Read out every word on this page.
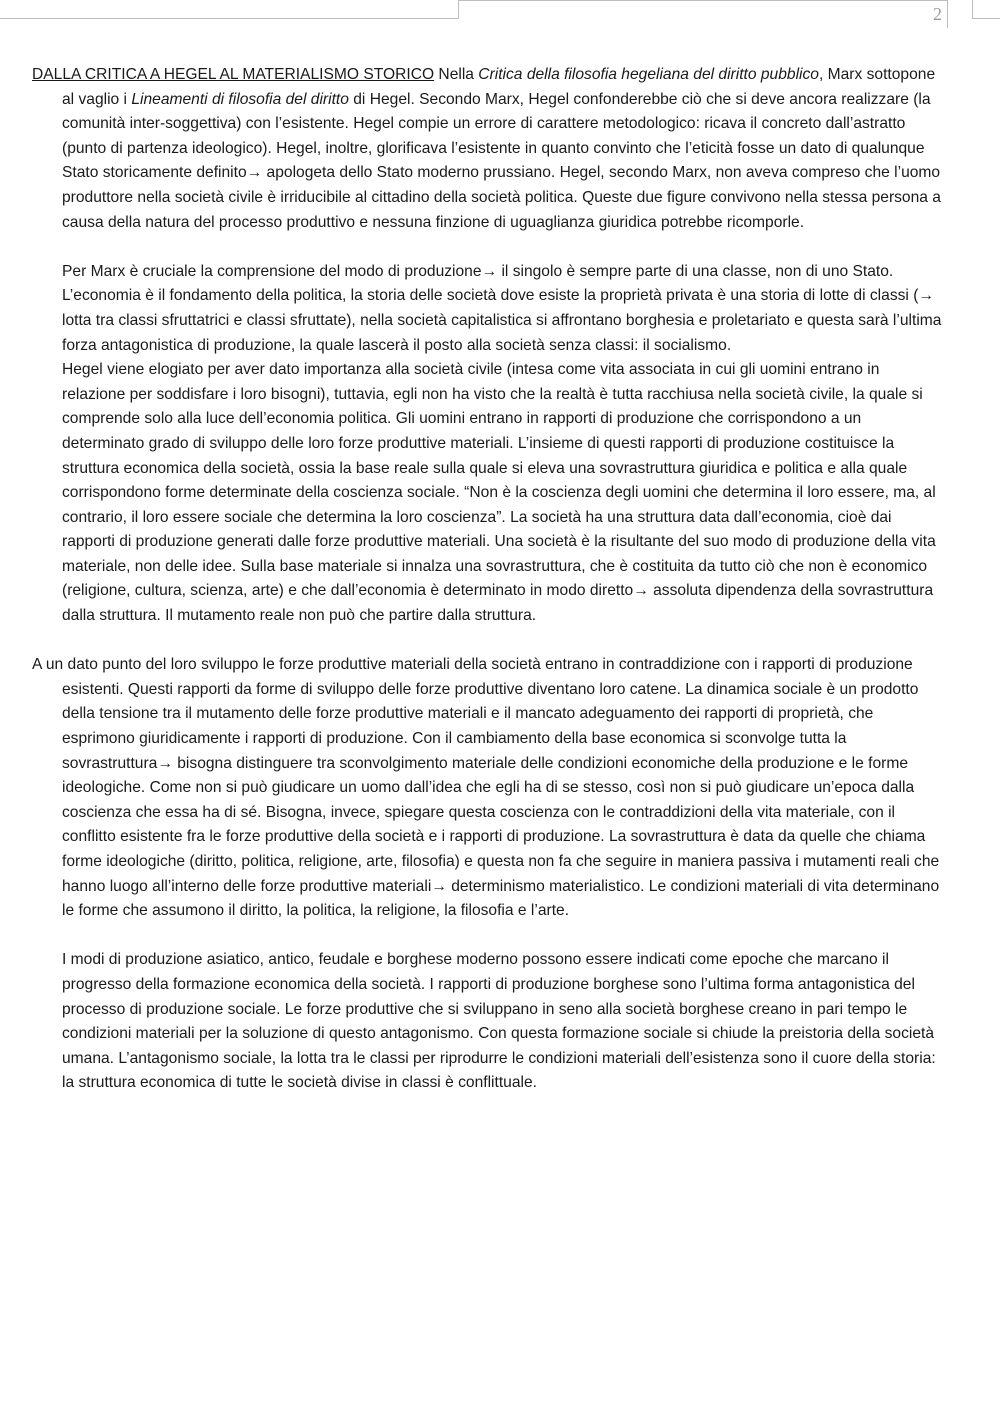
2

DALLA CRITICA A HEGEL AL MATERIALISMO STORICO Nella Critica della filosofia hegeliana del diritto pubblico, Marx sottopone al vaglio i Lineamenti di filosofia del diritto di Hegel. Secondo Marx, Hegel confonderebbe ciò che si deve ancora realizzare (la comunità inter-soggettiva) con l’esistente. Hegel compie un errore di carattere metodologico: ricava il concreto dall’astratto (punto di partenza ideologico). Hegel, inoltre, glorificava l’esistente in quanto convinto che l’eticità fosse un dato di qualunque Stato storicamente definito→ apologeta dello Stato moderno prussiano. Hegel, secondo Marx, non aveva compreso che l’uomo produttore nella società civile è irriducibile al cittadino della società politica. Queste due figure convivono nella stessa persona a causa della natura del processo produttivo e nessuna finzione di uguaglianza giuridica potrebbe ricomporle.

Per Marx è cruciale la comprensione del modo di produzione→ il singolo è sempre parte di una classe, non di uno Stato. L’economia è il fondamento della politica, la storia delle società dove esiste la proprietà privata è una storia di lotte di classi (→ lotta tra classi sfruttatrici e classi sfruttate), nella società capitalistica si affrontano borghesia e proletariato e questa sarà l’ultima forza antagonistica di produzione, la quale lascerà il posto alla società senza classi: il socialismo.

Hegel viene elogiato per aver dato importanza alla società civile (intesa come vita associata in cui gli uomini entrano in relazione per soddisfare i loro bisogni), tuttavia, egli non ha visto che la realtà è tutta racchiusa nella società civile, la quale si comprende solo alla luce dell’economia politica. Gli uomini entrano in rapporti di produzione che corrispondono a un determinato grado di sviluppo delle loro forze produttive materiali. L’insieme di questi rapporti di produzione costituisce la struttura economica della società, ossia la base reale sulla quale si eleva una sovrastruttura giuridica e politica e alla quale corrispondono forme determinate della coscienza sociale. “Non è la coscienza degli uomini che determina il loro essere, ma, al contrario, il loro essere sociale che determina la loro coscienza”. La società ha una struttura data dall’economia, cioè dai rapporti di produzione generati dalle forze produttive materiali. Una società è la risultante del suo modo di produzione della vita materiale, non delle idee. Sulla base materiale si innalza una sovrastruttura, che è costituita da tutto ciò che non è economico (religione, cultura, scienza, arte) e che dall’economia è determinato in modo diretto→ assoluta dipendenza della sovrastruttura dalla struttura. Il mutamento reale non può che partire dalla struttura.

A un dato punto del loro sviluppo le forze produttive materiali della società entrano in contraddizione con i rapporti di produzione esistenti. Questi rapporti da forme di sviluppo delle forze produttive diventano loro catene. La dinamica sociale è un prodotto della tensione tra il mutamento delle forze produttive materiali e il mancato adeguamento dei rapporti di proprietà, che esprimono giuridicamente i rapporti di produzione. Con il cambiamento della base economica si sconvolge tutta la sovrastruttura→ bisogna distinguere tra sconvolgimento materiale delle condizioni economiche della produzione e le forme ideologiche. Come non si può giudicare un uomo dall’idea che egli ha di se stesso, così non si può giudicare un’epoca dalla coscienza che essa ha di sé. Bisogna, invece, spiegare questa coscienza con le contraddizioni della vita materiale, con il conflitto esistente fra le forze produttive della società e i rapporti di produzione. La sovrastruttura è data da quelle che chiama forme ideologiche (diritto, politica, religione, arte, filosofia) e questa non fa che seguire in maniera passiva i mutamenti reali che hanno luogo all’interno delle forze produttive materiali→ determinismo materialistico. Le condizioni materiali di vita determinano le forme che assumono il diritto, la politica, la religione, la filosofia e l’arte.

I modi di produzione asiatico, antico, feudale e borghese moderno possono essere indicati come epoche che marcano il progresso della formazione economica della società. I rapporti di produzione borghese sono l’ultima forma antagonistica del processo di produzione sociale. Le forze produttive che si sviluppano in seno alla società borghese creano in pari tempo le condizioni materiali per la soluzione di questo antagonismo. Con questa formazione sociale si chiude la preistoria della società umana. L’antagonismo sociale, la lotta tra le classi per riprodurre le condizioni materiali dell’esistenza sono il cuore della storia: la struttura economica di tutte le società divise in classi è conflittuale.
